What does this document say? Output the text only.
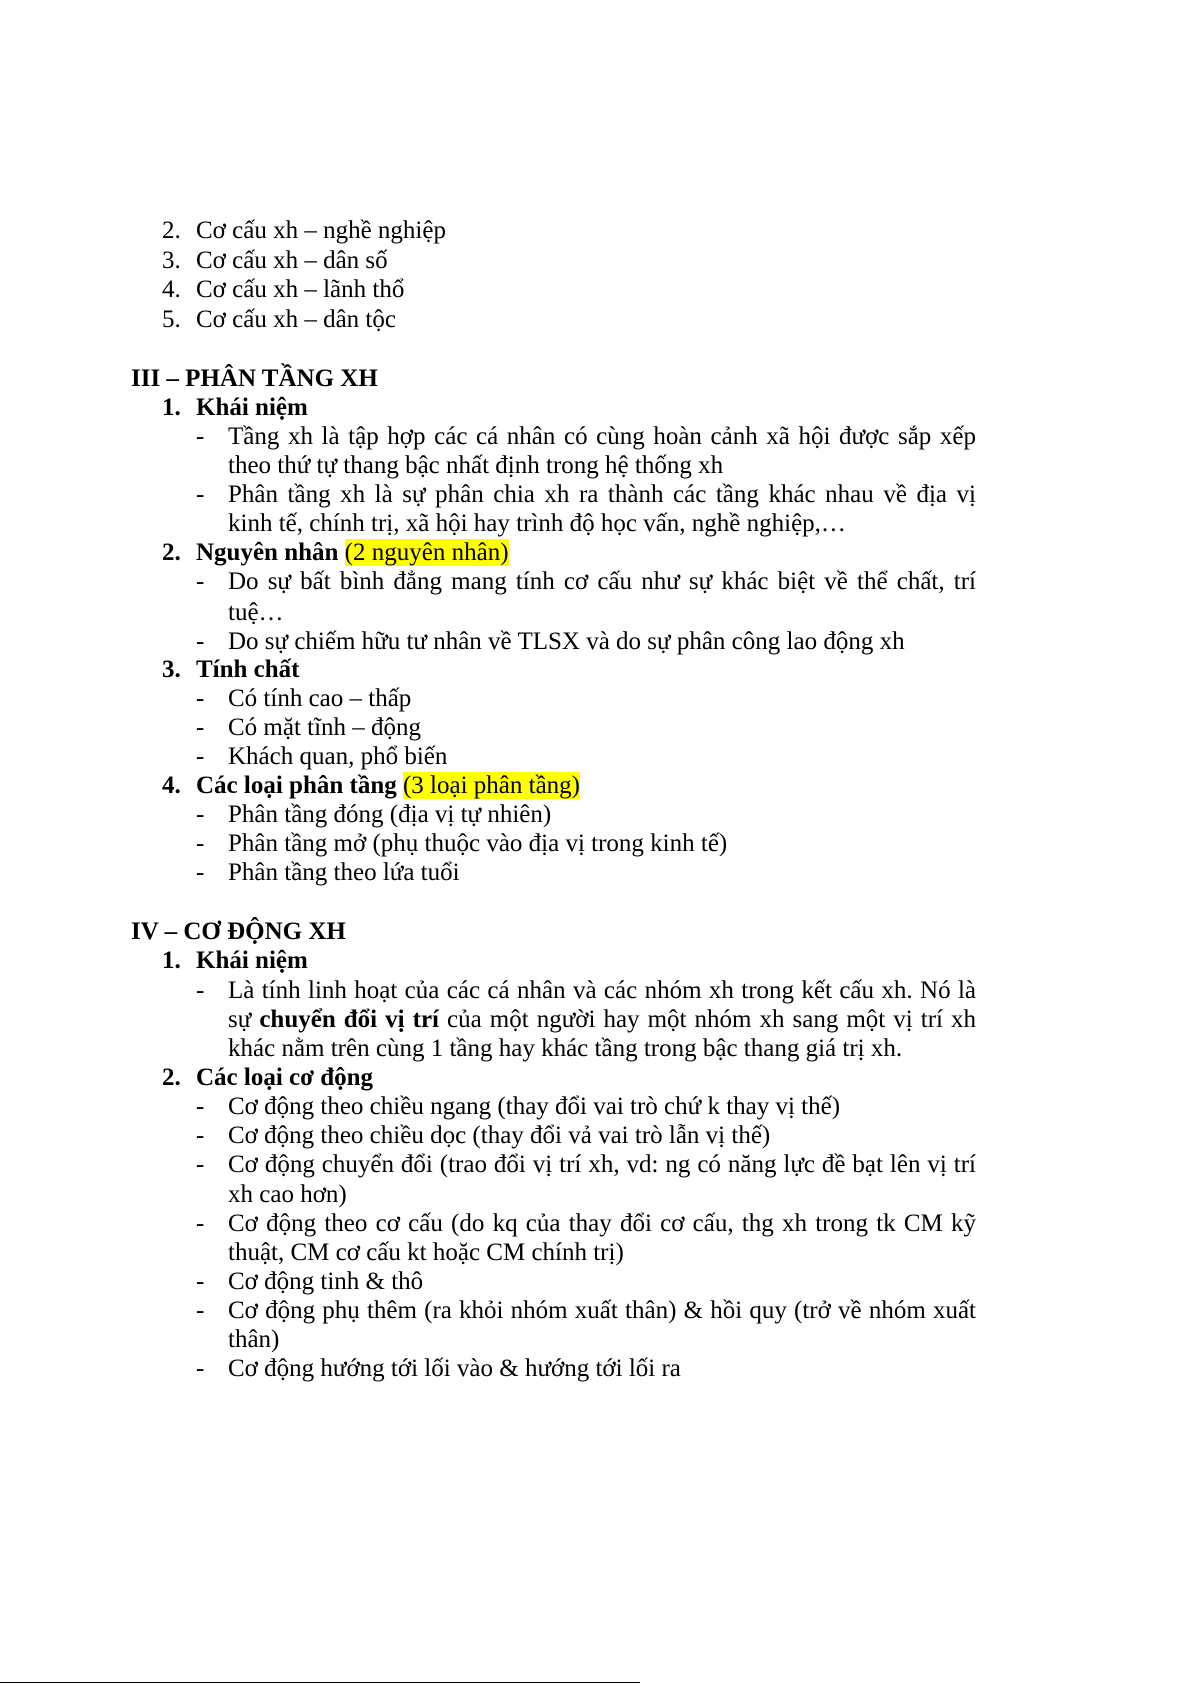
2. Cơ cấu xh – nghề nghiệp
3. Cơ cấu xh – dân số
4. Cơ cấu xh – lãnh thổ
5. Cơ cấu xh – dân tộc
III – PHÂN TẦNG XH
1. Khái niệm
- Tầng xh là tập hợp các cá nhân có cùng hoàn cảnh xã hội được sắp xếp
theo thứ tự thang bậc nhất định trong hệ thống xh
- Phân tầng xh là sự phân chia xh ra thành các tầng khác nhau về địa vị
kinh tế, chính trị, xã hội hay trình độ học vấn, nghề nghiệp,…
2. Nguyên nhân (2 nguyên nhân)
- Do sự bất bình đẳng mang tính cơ cấu như sự khác biệt về thể chất, trí
tuệ…
- Do sự chiếm hữu tư nhân về TLSX và do sự phân công lao động xh
3. Tính chất
- Có tính cao – thấp
- Có mặt tĩnh – động
- Khách quan, phổ biến
4. Các loại phân tầng (3 loại phân tầng)
- Phân tầng đóng (địa vị tự nhiên)
- Phân tầng mở (phụ thuộc vào địa vị trong kinh tế)
- Phân tầng theo lứa tuổi
IV – CƠ ĐỘNG XH
1. Khái niệm
- Là tính linh hoạt của các cá nhân và các nhóm xh trong kết cấu xh. Nó là
sự chuyển đổi vị trí của một người hay một nhóm xh sang một vị trí xh
khác nằm trên cùng 1 tầng hay khác tầng trong bậc thang giá trị xh.
2. Các loại cơ động
- Cơ động theo chiều ngang (thay đổi vai trò chứ k thay vị thế)
- Cơ động theo chiều dọc (thay đổi vả vai trò lẫn vị thế)
- Cơ động chuyển đổi (trao đổi vị trí xh, vd: ng có năng lực đề bạt lên vị trí
xh cao hơn)
- Cơ động theo cơ cấu (do kq của thay đổi cơ cấu, thg xh trong tk CM kỹ
thuật, CM cơ cấu kt hoặc CM chính trị)
- Cơ động tinh & thô
- Cơ động phụ thêm (ra khỏi nhóm xuất thân) & hồi quy (trở về nhóm xuất
thân)
- Cơ động hướng tới lối vào & hướng tới lối ra
